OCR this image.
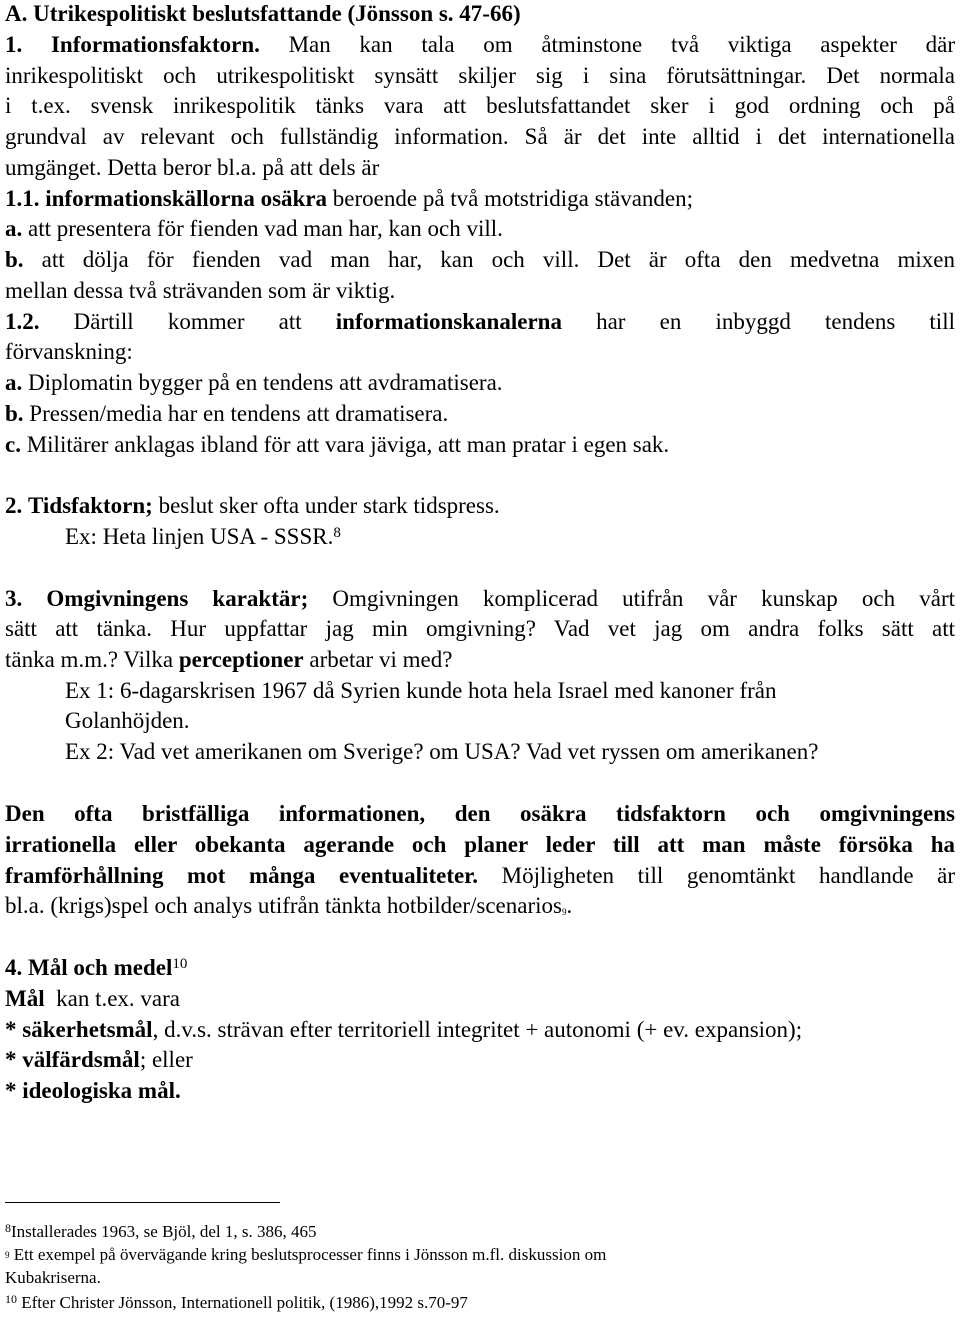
A. Utrikespolitiskt beslutsfattande (Jönsson s. 47-66)
1. Informationsfaktorn. Man kan tala om åtminstone två viktiga aspekter där
inrikespolitiskt och utrikespolitiskt synsätt skiljer sig i sina förutsättningar. Det normala
i t.ex. svensk inrikespolitik tänks vara att beslutsfattandet sker i god ordning och på
grundval av relevant och fullständig information. Så är det inte alltid i det internationella
umgänget. Detta beror bl.a. på att dels är
1.1. informationskällorna osäkra beroende på två motstridiga stävanden;
a. att presentera för fienden vad man har, kan och vill.
b. att dölja för fienden vad man har, kan och vill. Det är ofta den medvetna mixen
mellan dessa två strävanden som är viktig.
1.2. Därtill kommer att informationskanalerna har en inbyggd tendens till
förvanskning:
a. Diplomatin bygger på en tendens att avdramatisera.
b. Pressen/media har en tendens att dramatisera.
c. Militärer anklagas ibland för att vara jäviga, att man pratar i egen sak.
2. Tidsfaktorn; beslut sker ofta under stark tidspress.
Ex: Heta linjen USA - SSSR.$^8$
3. Omgivningens karaktär; Omgivningen komplicerad utifrån vår kunskap och vårt
sätt att tänka. Hur uppfattar jag min omgivning? Vad vet jag om andra folks sätt att
tänka m.m.? Vilka perceptioner arbetar vi med?
Ex 1: 6-dagarskrisen 1967 då Syrien kunde hota hela Israel med kanoner från
Golanhöjden.
Ex 2: Vad vet amerikanen om Sverige? om USA? Vad vet ryssen om amerikanen?
Den ofta bristfälliga informationen, den osäkra tidsfaktorn och omgivningens
irrationella eller obekanta agerande och planer leder till att man måste försöka ha
framförhållning mot många eventualiteter. Möjligheten till genomtänkt handlande är
bl.a. (krigs)spel och analys utifrån tänkta hotbilder/scenarios$^9$.
4. Mål och medel$^{10}$
Mål  kan t.ex. vara
* säkerhetsmål, d.v.s. strävan efter territoriell integritet + autonomi (+ ev. expansion);
* välfärdsmål; eller
* ideologiska mål.
$^8$Installerades 1963, se Bjöl, del 1, s. 386, 465
$^9$ Ett exempel på övervägande kring beslutsprocesser finns i Jönsson m.fl. diskussion om
Kubakriserna.
$^{10}$ Efter Christer Jönsson, Internationell politik, (1986),1992 s.70-97
